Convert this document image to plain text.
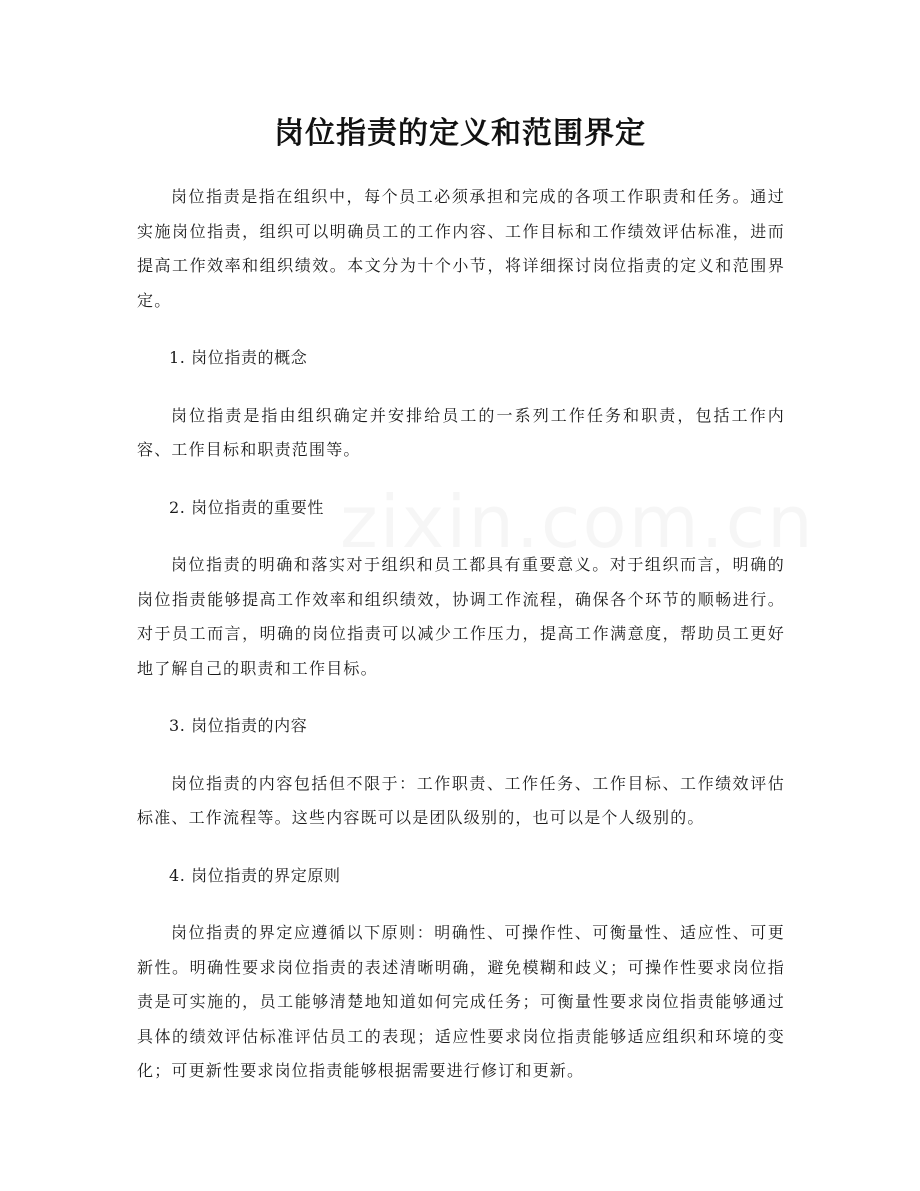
岗位指责的定义和范围界定

岗位指责是指在组织中，每个员工必须承担和完成的各项工作职责和任务。通过实施岗位指责，组织可以明确员工的工作内容、工作目标和工作绩效评估标准，进而提高工作效率和组织绩效。本文分为十个小节，将详细探讨岗位指责的定义和范围界定。

1. 岗位指责的概念

岗位指责是指由组织确定并安排给员工的一系列工作任务和职责，包括工作内容、工作目标和职责范围等。

2. 岗位指责的重要性

岗位指责的明确和落实对于组织和员工都具有重要意义。对于组织而言，明确的岗位指责能够提高工作效率和组织绩效，协调工作流程，确保各个环节的顺畅进行。对于员工而言，明确的岗位指责可以减少工作压力，提高工作满意度，帮助员工更好地了解自己的职责和工作目标。

3. 岗位指责的内容

岗位指责的内容包括但不限于：工作职责、工作任务、工作目标、工作绩效评估标准、工作流程等。这些内容既可以是团队级别的，也可以是个人级别的。

4. 岗位指责的界定原则

岗位指责的界定应遵循以下原则：明确性、可操作性、可衡量性、适应性、可更新性。明确性要求岗位指责的表述清晰明确，避免模糊和歧义；可操作性要求岗位指责是可实施的，员工能够清楚地知道如何完成任务；可衡量性要求岗位指责能够通过具体的绩效评估标准评估员工的表现；适应性要求岗位指责能够适应组织和环境的变化；可更新性要求岗位指责能够根据需要进行修订和更新。
